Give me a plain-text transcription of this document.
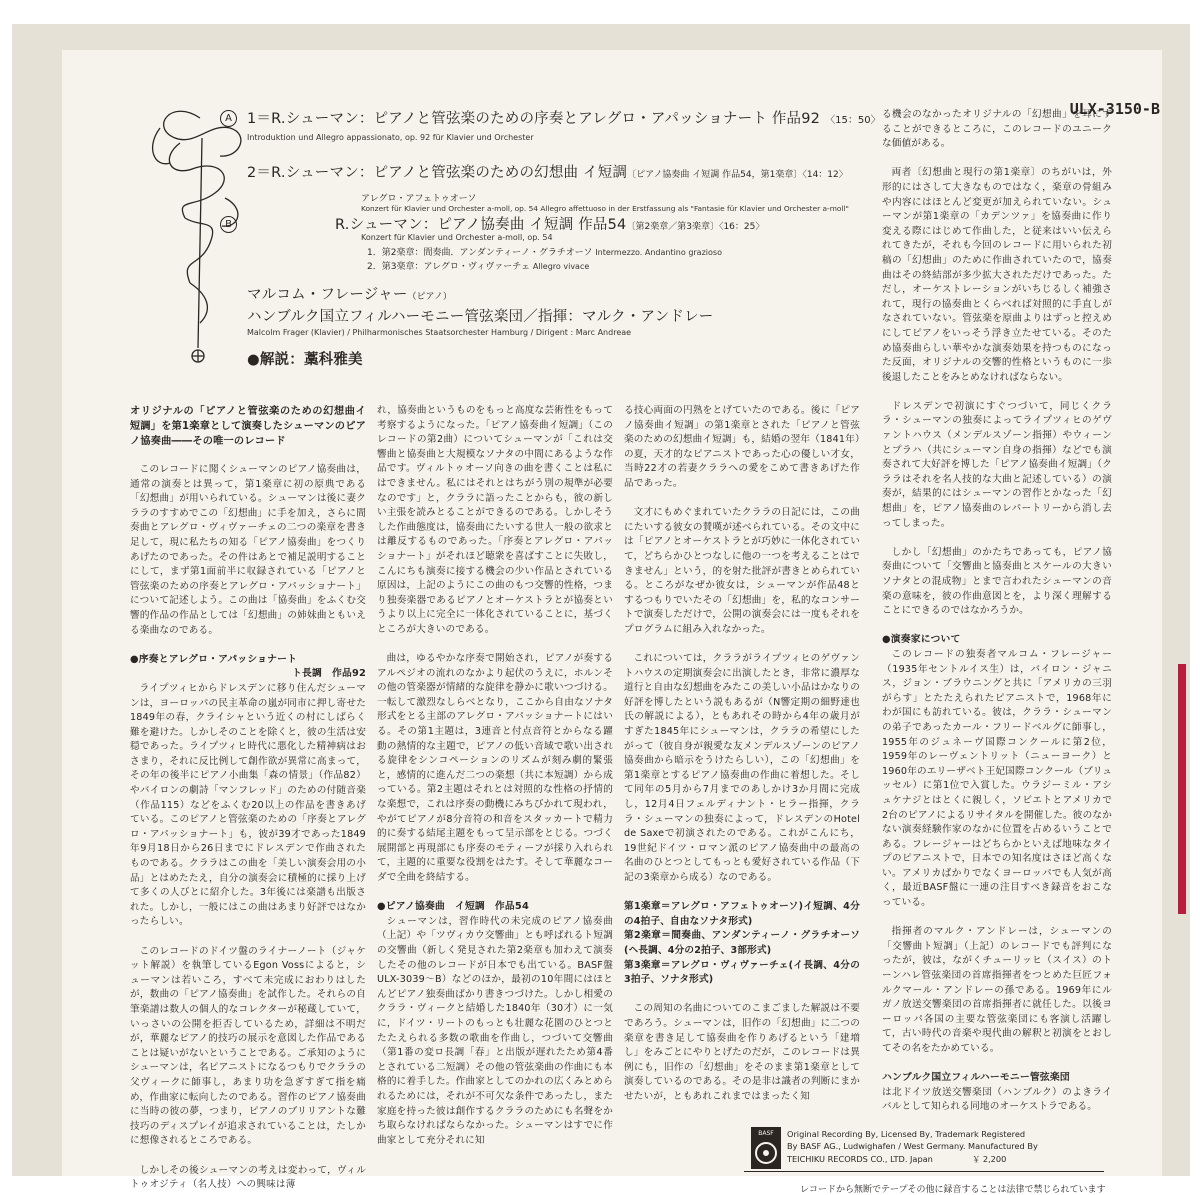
ULX-3150-B
A 1＝R.シューマン：ピアノと管弦楽のための序奏とアレグロ・アパッショナート 作品92 〈15：50〉
Introduktion und Allegro appassionato, op. 92 für Klavier und Orchester
2＝R.シューマン：ピアノと管弦楽のための幻想曲 イ短調〔ピアノ協奏曲 イ短調 作品54，第1楽章〕〈14：12〉
アレグロ・アフェトゥオーソ
Konzert für Klavier und Orchester a-moll, op. 54 Allegro affettuoso in der Erstfassung als "Fantasie für Klavier und Orchester a-moll"
B	R.シューマン：ピアノ協奏曲 イ短調 作品54〔第2楽章／第3楽章〕〈16：25〉
Konzert für Klavier und Orchester a-moll, op. 54
1．第2楽章：間奏曲．アンダンティーノ・グラチオーソ Intermezzo. Andantino grazioso
2．第3楽章：アレグロ・ヴィヴァーチェ Allegro vivace
マルコム・フレージャー（ピアノ）
ハンブルク国立フィルハーモニー管弦楽団／指揮：マルク・アンドレー
Malcolm Frager (Klavier) / Philharmonisches Staatsorchester Hamburg / Dirigent : Marc Andreae
●解説：藁科雅美
オリジナルの「ピアノと管弦楽のための幻想曲イ短調」を第1楽章として演奏したシューマンのピアノ協奏曲――その唯一のレコード

このレコードに聞くシューマンのピアノ協奏曲は，通常の演奏とは異って，第1楽章に初の原典である「幻想曲」が用いられている。シューマンは後に妻クララのすすめでこの「幻想曲」に手を加え，さらに間奏曲とアレグロ・ヴィヴァーチェの二つの楽章を書き足して，現に私たちの知る「ピアノ協奏曲」をつくりあげたのであった。その件はあとで補足説明することにして，まず第1面前半に収録されている「ピアノと管弦楽のための序奏とアレグロ・アパッショナート」について記述しよう。この曲は「協奏曲」をふくむ交響的作品の作品としては「幻想曲」の姉妹曲ともいえる楽曲なのである。

●序奏とアレグロ・アパッショナート
ト長調　作品92

ライプツィヒからドレスデンに移り住んだシューマンは，ヨーロッパの民主革命の嵐が同市に押し寄せた1849年の春，クライシャという近くの村にしばらく難を避けた。しかしそのことを除くと，彼の生活は安穏であった。ライプツィヒ時代に悪化した精神病はおさまり，それに反比例して創作欲が異常に高まって，その年の後半にピアノ小曲集「森の情景」（作品82）やバイロンの劇詩「マンフレッド」のための付随音楽（作品115）などをふくむ20以上の作品を書きあげている。このピアノと管弦楽のための「序奏とアレグロ・アパッショナート」も，彼が39才であった1849年9月18日から26日までにドレスデンで作曲されたものである。クララはこの曲を「美しい演奏会用の小品」とはめたたえ，自分の演奏会に積極的に採り上げて多くの人びとに紹介した。3年後には楽譜も出版された。しかし，一般にはこの曲はあまり好評ではなかったらしい。

このレコードのドイツ盤のライナーノート（ジャケット解説）を執筆しているEgon Vossによると，シューマンは若いころ，すべて未完成におわりはしたが，数曲の「ピアノ協奏曲」を試作した。それらの自筆楽譜は数人の個人的なコレクターが秘蔵していて，いっさいの公開を拒否しているため，詳細は不明だが，華麗なピアノ的技巧の展示を意図した作品であることは疑いがないということである。ご承知のようにシューマンは，名ピアニストになるつもりでクララの父ヴィークに師事し，あまり功を急ぎすぎて指を痛め，作曲家に転向したのである。習作のピアノ協奏曲に当時の彼の夢，つまり，ピアノのブリリアントな難技巧のディスプレイが追求されていることは，たしかに想像されるところである。

しかしその後シューマンの考えは変わって，ヴィルトゥオジティ（名人技）への興味は薄

れ，協奏曲というものをもっと高度な芸術性をもって考察するようになった。「ピアノ協奏曲イ短調」（このレコードの第2曲）についてシューマンが「これは交響曲と協奏曲と大規模なソナタの中間にあるような作品です。ヴィルトゥオーソ向きの曲を書くことは私にはできません。私にはそれとはちがう別の規準が必要なのです」と，クララに語ったことからも，彼の新しい主張を読みとることができるのである。しかしそうした作曲態度は，協奏曲にたいする世人一般の欲求とは離反するものであった。「序奏とアレグロ・アパッショナート」がそれほど聴衆を喜ばすことに失敗し，こんにちも演奏に接する機会の少い作品とされている原因は，上記のようにこの曲のもつ交響的性格，つまり独奏楽器であるピアノとオーケストラとが協奏というより以上に完全に一体化されていることに，基づくところが大きいのである。

曲は，ゆるやかな序奏で開始され，ピアノが奏するアルペジオの流れのなかより起伏のうえに，ホルンその他の管楽器が情緒的な旋律を静かに歌いつづける。一転して激烈なしらべとなり，ここから自由なソナタ形式をとる主部のアレグロ・アパッショナートにはいる。その第1主題は，3連音と付点音符とからなる躍動の熱情的な主題で，ピアノの低い音域で歌い出される旋律をシンコペーションのリズムが刻み劇的緊張と，感情的に進んだ二つの楽想（共に本短調）から成っている。第2主題はそれとは対照的な性格の抒情的な楽想で，これは序奏の動機にみちびかれて現われ，やがてピアノが8分音符の和音をスタッカートで精力的に奏する結尾主題をもって呈示部をとじる。つづく展開部と再現部にも序奏のモティーフが採り入れられて，主題的に重要な役割をはたす。そして華麗なコーダで全曲を終結する。

●ピアノ協奏曲　イ短調　作品54

シューマンは，習作時代の未完成のピアノ協奏曲（上記）や「ツヴィカウ交響曲」とも呼ばれるト短調の交響曲（新しく発見された第2楽章も加わえて演奏したその他のレコードが日本でも出ている。BASF盤 ULX-3039～B）などのほか，最初の10年間にはほとんどピアノ独奏曲ばかり書きつづけた。しかし相愛のクララ・ヴィークと結婚した1840年（30才）に一気に，ドイツ・リートのもっとも壮麗な花園のひとつとたたえられる多数の歌曲を作曲し，つづいて交響曲（第1番の変ロ長調「春」と出版が遅れたため第4番とされている二短調）その他の管弦楽曲の作曲にも本格的に着手した。作曲家としてのかれの広くみとめられるためには，それが不可欠な条件であったし，また家庭を持った彼は創作するクララのためにも名聲をかち取らなければならなかった。シューマンはすでに作曲家として充分それに知

る技心両面の円熟をとげていたのである。後に「ピアノ協奏曲イ短調」の第1楽章とされた「ピアノと管弦楽のための幻想曲イ短調」も，結婚の翌年（1841年）の夏，天才的なピアニストであった心の優しい才女，当時22才の若妻クララへの愛をこめて書きあげた作品であった。

文才にもめぐまれていたクララの日記には，この曲にたいする彼女の賛嘆が述べられている。その文中には「ピアノとオーケストラとが巧妙に一体化されていて，どちらかひとつなしに他の一つを考えることはできません」という，的を射た批評が書きとめられている。ところがなぜか彼女は，シューマンが作品48とするつもりでいたその「幻想曲」を，私的なコンサートで演奏しただけで，公開の演奏会には一度もそれをプログラムに組み入れなかった。

これについては，クララがライプツィヒのゲヴァントハウスの定期演奏会に出演したとき，非常に濃厚な道行と自由な幻想曲をみたこの美しい小品はかなりの好評を博したという説もあるが（N響定期の細野達也氏の解説による），ともあれその時から4年の歳月がすぎた1845年にシューマンは，クララの希望にしたがって（彼自身が親愛な友メンデルスゾーンのピアノ協奏曲から暗示をうけたらしい），この「幻想曲」を第1楽章とするピアノ協奏曲の作曲に着想した。そして同年の5月から7月までのあしかけ3か月間に完成し，12月4日フェルディナント・ヒラー指揮，クララ・シューマンの独奏によって，ドレスデンのHotel de Saxeで初演されたのである。これがこんにち，19世紀ドイツ・ロマン派のピアノ協奏曲中の最高の名曲のひとつとしてもっとも愛好されている作品（下記の3楽章から成る）なのである。

第1楽章＝アレグロ・アフェトゥオーソ)イ短調、4分の4拍子、自由なソナタ形式)
第2楽章＝間奏曲、アンダンティーノ・グラチオーソ(ヘ長調、4分の2拍子、3部形式)
第3楽章＝アレグロ・ヴィヴァーチェ(イ長調、4分の3拍子、ソナタ形式)

この周知の名曲についてのこまごました解説は不要であろう。シューマンは，旧作の「幻想曲」に二つの楽章を書き足して協奏曲を作りあげるという「建増し」をみごとにやりとげたのだが，このレコードは異例にも，旧作の「幻想曲」をそのまま第1楽章として演奏しているのである。その是非は識者の判断にまかせたいが，ともあれこれまではまったく知

る機会のなかったオリジナルの「幻想曲」を耳にすることができるところに，このレコードのユニークな価値がある。

両者〔幻想曲と現行の第1楽章〕のちがいは，外形的にはさして大きなものではなく，楽章の骨組みや内容にはほとんど変更が加えられていない。シューマンが第1楽章の「カデンツァ」を協奏曲に作り変える際にはじめて作曲した，と従来はいい伝えられてきたが，それも今回のレコードに用いられた初稿の「幻想曲」のために作曲されていたので，協奏曲はその終結部が多少拡大されただけであった。ただし，オーケストレーションがいちじるしく補強されて，現行の協奏曲とくらべれば対照的に手直しがなされていない。管弦楽を原曲よりはずっと控えめにしてピアノをいっそう浮き立たせている。そのため協奏曲らしい華やかな演奏効果を持つものになった反面，オリジナルの交響的性格というものに一歩後退したことをみとめなければならない。

ドレスデンで初演にすぐつづいて，同じくクララ・シューマンの独奏によってライプツィヒのゲヴァントハウス（メンデルスゾーン指揮）やウィーンとプラハ（共にシューマン自身の指揮）などでも演奏されて大好評を博した「ピアノ協奏曲イ短調」（クララはそれを名人技的な大曲と記述している）の演奏が，結果的にはシューマンの習作とかなった「幻想曲」を，ピアノ協奏曲のレパートリーから消し去ってしまった。

しかし「幻想曲」のかたちであっても，ピアノ協奏曲について「交響曲と協奏曲とスケールの大きいソナタとの混成物」とまで言われたシューマンの音楽の意味を，彼の作曲意図とを，より深く理解することにできるのではなかろうか。

●演奏家について

このレコードの独奏者マルコム・フレージャー（1935年セントルイス生）は，バイロン・ジャニス，ジョン・ブラウニングと共に「アメリカの三羽がらす」とたたえられたピアニストで，1968年にわが国にも訪れている。彼は，クララ・シューマンの弟子であったカール・フリードベルグに師事し，1955年のジュネーヴ国際コンクールに第2位，1959年のレーヴェントリット（ニューヨーク）と1960年のエリーザベト王妃国際コンクール（ブリュッセル）に第1位で入賞した。ウラジーミル・アシュケナジとはとくに親しく，ソビエトとアメリカで2台のピアノによるリサイタルを開催した。彼のなかない演奏経験作家のなかに位置を占めるいうことである。フレージャーはどちらかといえば地味なタイプのピアニストで，日本での知名度はさほど高くない。アメリカばかりでなくヨーロッパでも人気が高く，最近BASF盤に一連の注目すべき録音をおこなっている。

指揮者のマルク・アンドレーは，シューマンの「交響曲ト短調」（上記）のレコードでも評判になったが，彼は，ながくチューリッヒ（スイス）のトーンハレ管弦楽団の首席指揮者をつとめた巨匠フォルクマール・アンドレーの孫である。1969年にルガノ放送交響楽団の首席指揮者に就任した。以後ヨーロッパ各国の主要な管弦楽団にも客演し活躍して，古い時代の音楽や現代曲の解釈と初演をとおしてその名をたかめている。

ハンブルク国立フィルハーモニー管弦楽団

は北ドイツ放送交響楽団（ハンブルク）のよきライバルとして知られる同地のオーケストラである。

BASF Original Recording By, Licensed By, Trademark Registered
By BASF AG., Ludwighafen / West Germany. Manufactured By
TEICHIKU RECORDS CO., LTD. Japan	￥ 2,200
レコードから無断でテープその他に録音することは法律で禁じられています
